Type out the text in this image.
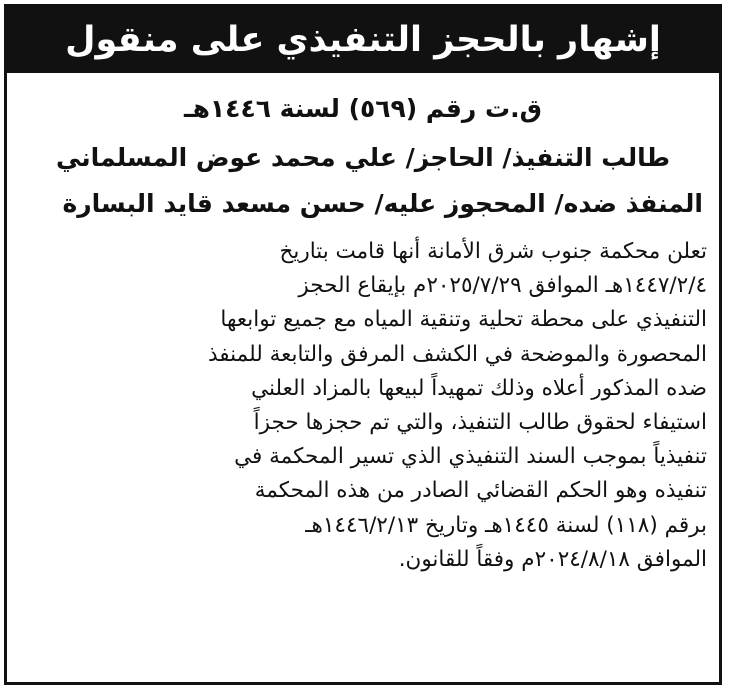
إشهار بالحجز التنفيذي على منقول
ق.ت رقم (٥٦٩) لسنة ١٤٤٦هـ
طالب التنفيذ/ الحاجز/ علي محمد عوض المسلماني
المنفذ ضده/ المحجوز عليه/ حسن مسعد قايد البسارة
تعلن محكمة جنوب شرق الأمانة أنها قامت بتاريخ
١٤٤٧/٢/٤هـ الموافق ٢٠٢٥/٧/٢٩م بإيقاع الحجز
التنفيذي على محطة تحلية وتنقية المياه مع جميع توابعها
المحصورة والموضحة في الكشف المرفق والتابعة للمنفذ
ضده المذكور أعلاه وذلك تمهيداً لبيعها بالمزاد العلني
استيفاء لحقوق طالب التنفيذ، والتي تم حجزها حجزاً
تنفيذياً بموجب السند التنفيذي الذي تسير المحكمة في
تنفيذه وهو الحكم القضائي الصادر من هذه المحكمة
برقم (١١٨) لسنة ١٤٤٥هـ وتاريخ ١٤٤٦/٢/١٣هـ
الموافق ٢٠٢٤/٨/١٨م وفقاً للقانون.
